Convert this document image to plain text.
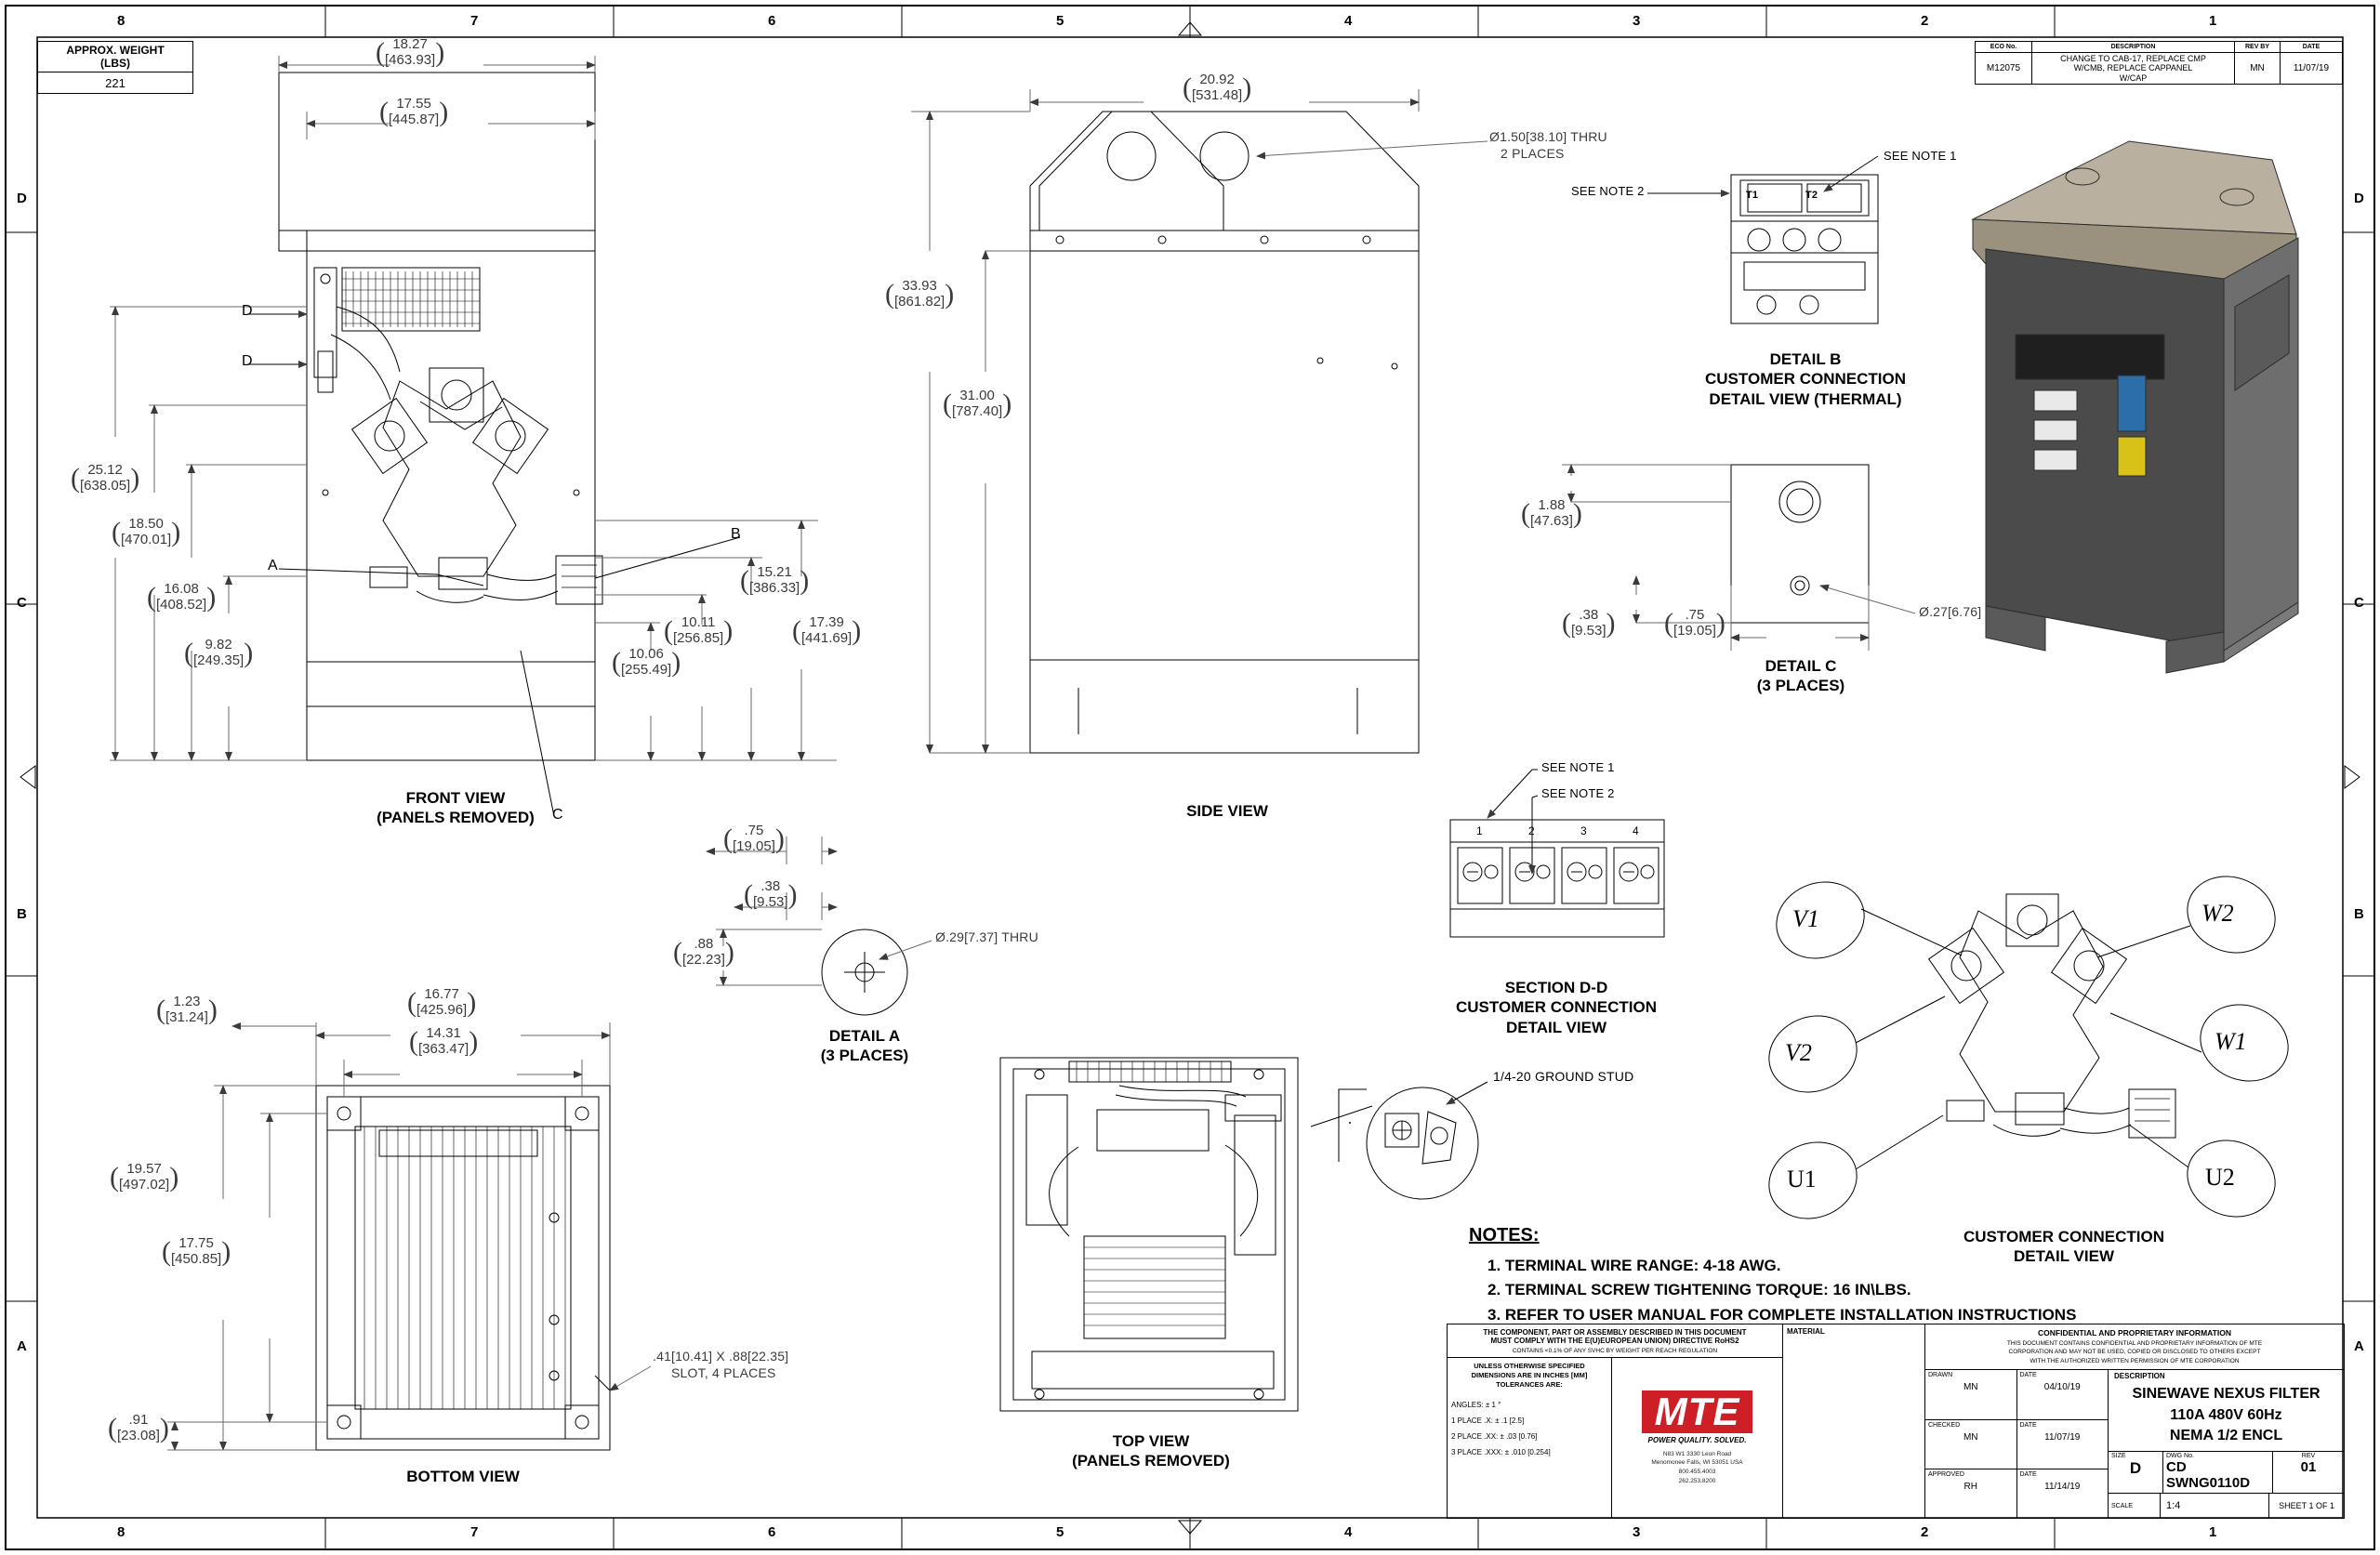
8	7	6	5	4	3	2	1
8	7	6	5	4	3	2	1
D	D
C	C
B	B
A	A
APPROX. WEIGHT
(LBS)
221
ECO No.	DESCRIPTION	REV BY	DATE
M12075	CHANGE TO CAB-17, REPLACE CMP
W/CMB, REPLACE CAPPANEL
W/CAP	MN	11/07/19
( 18.27
[463.93] )
( 17.55
[445.87] )
( 25.12
[638.05] )
( 18.50
[470.01] )
( 16.08
[408.52] )
( 9.82
[249.35] )	( 10.06
[255.49] )
( 10.11
[256.85] )
( 15.21
[386.33] )
( 17.39
[441.69] )
D
D
A
B
C
FRONT VIEW
(PANELS REMOVED)
( 20.92
[531.48] )
( 33.93
[861.82] )
( 31.00
[787.40] )
Ø1.50[38.10] THRU
2 PLACES
SIDE VIEW
SEE NOTE 2
SEE NOTE 1
T1	T2
DETAIL B
CUSTOMER CONNECTION
DETAIL VIEW (THERMAL)
( 1.88
[47.63] )
( .38
[9.53] ) ( .75
[19.05] )	Ø.27[6.76]
DETAIL C
(3 PLACES)
SEE NOTE 1
SEE NOTE 2
1	2	3	4
SECTION D-D
CUSTOMER CONNECTION
DETAIL VIEW
V1	W2
V2	W1
U1	U2
CUSTOMER CONNECTION
DETAIL VIEW
( .75
[19.05] )
( .38
[9.53] )
( .88
[22.23] )	Ø.29[7.37] THRU
DETAIL A
(3 PLACES)
( 16.77
[425.96] )
( 14.31
[363.47] )
( 1.23
[31.24] )
( 19.57
[497.02] )
( 17.75
[450.85] )
( .91
[23.08] )
.41[10.41] X .88[22.35]
SLOT, 4 PLACES
BOTTOM VIEW
1/4-20 GROUND STUD
TOP VIEW
(PANELS REMOVED)
NOTES:
1. TERMINAL WIRE RANGE: 4-18 AWG.
2. TERMINAL SCREW TIGHTENING TORQUE: 16 IN\LBS.
3. REFER TO USER MANUAL FOR COMPLETE INSTALLATION INSTRUCTIONS
THE COMPONENT, PART OR ASSEMBLY DESCRIBED IN THIS DOCUMENT
MUST COMPLY WITH THE E(U)EUROPEAN UNION) DIRECTIVE RoHS2
CONTAINS <0.1% OF ANY SVHC BY WEIGHT PER REACH REGULATION
UNLESS OTHERWISE SPECIFIED
DIMENSIONS ARE IN INCHES [MM]
TOLERANCES ARE:
ANGLES: ± 1 °
1 PLACE .X: ± .1 [2.5]
2 PLACE .XX: ± .03 [0.76]
3 PLACE .XXX: ± .010 [0.254]
MTE
POWER QUALITY. SOLVED.
N83 W1 3330 Leon Road
Menomonee Falls, WI 53051 USA
800.455.4003
262.253.8200
MATERIAL	CONFIDENTIAL AND PROPRIETARY INFORMATION
THIS DOCUMENT CONTAINS CONFIDENTIAL AND PROPRIETARY INFORMATION OF MTE
CORPORATION AND MAY NOT BE USED, COPIED OR DISCLOSED TO OTHERS EXCEPT
WITH THE AUTHORIZED WRITTEN PERMISSION OF MTE CORPORATION
DRAWN
MN
DATE
04/10/19
CHECKED
MN
DATE
11/07/19
APPROVED
RH
DATE
11/14/19
DESCRIPTION
SINEWAVE NEXUS FILTER
110A 480V 60Hz
NEMA 1/2 ENCL
SIZE
D
DWG No.
CD SWNG0110D
REV
01
SCALE	1:4	SHEET 1 OF 1
